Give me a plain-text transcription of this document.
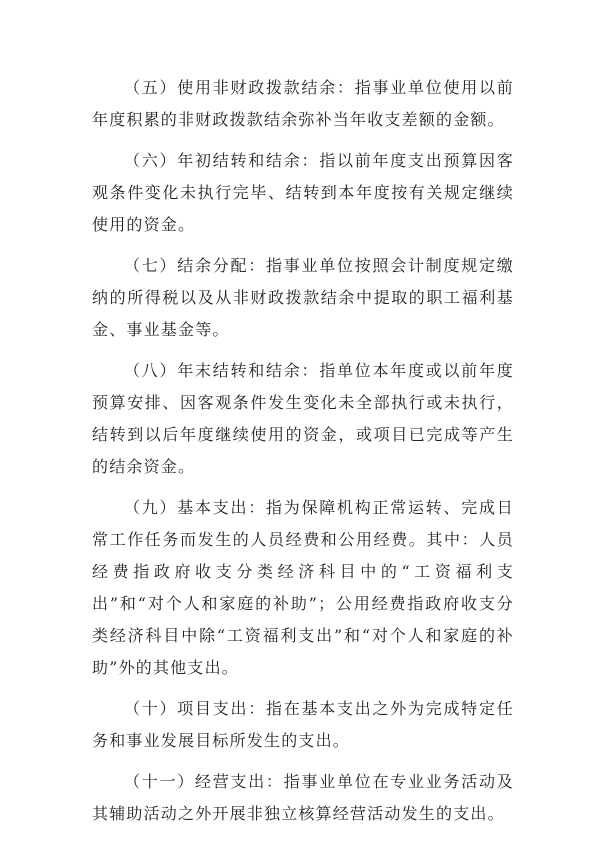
（五）使用非财政拨款结余：指事业单位使用以前年度积累的非财政拨款结余弥补当年收支差额的金额。

（六）年初结转和结余：指以前年度支出预算因客观条件变化未执行完毕、结转到本年度按有关规定继续使用的资金。

（七）结余分配：指事业单位按照会计制度规定缴纳的所得税以及从非财政拨款结余中提取的职工福利基金、事业基金等。

（八）年末结转和结余：指单位本年度或以前年度预算安排、因客观条件发生变化未全部执行或未执行，结转到以后年度继续使用的资金，或项目已完成等产生的结余资金。

（九）基本支出：指为保障机构正常运转、完成日常工作任务而发生的人员经费和公用经费。其中：人员经费指政府收支分类经济科目中的“工资福利支出”和“对个人和家庭的补助”；公用经费指政府收支分类经济科目中除“工资福利支出”和“对个人和家庭的补助”外的其他支出。

（十）项目支出：指在基本支出之外为完成特定任务和事业发展目标所发生的支出。

（十一）经营支出：指事业单位在专业业务活动及其辅助活动之外开展非独立核算经营活动发生的支出。
